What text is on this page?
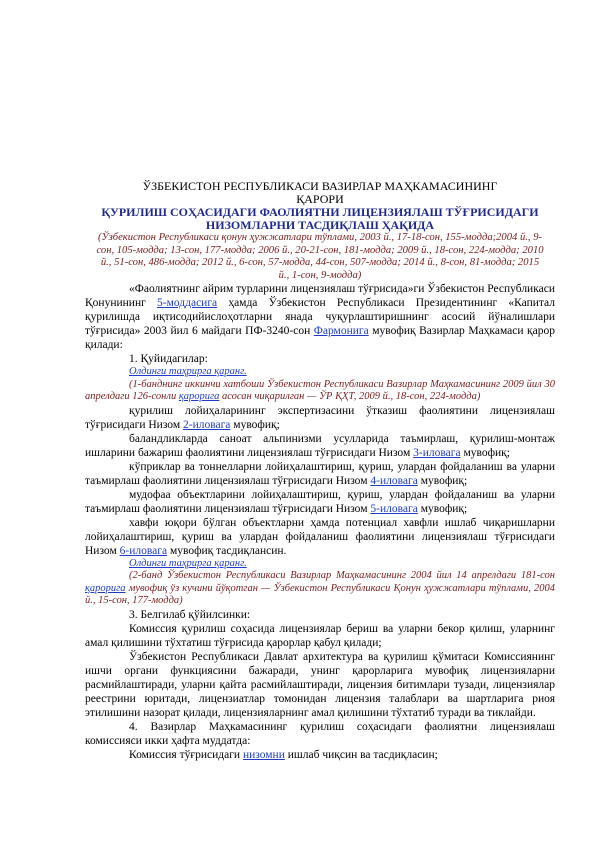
ЎЗБЕКИСТОН РЕСПУБЛИКАСИ ВАЗИРЛАР МАҲКАМАСИНИНГ

ҚАРОРИ

ҚУРИЛИШ СОҲАСИДАГИ ФАОЛИЯТНИ ЛИЦЕНЗИЯЛАШ ТЎҒРИСИДАГИ

НИЗОМЛАРНИ ТАСДИҚЛАШ ҲАҚИДА

(Ўзбекистон Республикаси қонун ҳужжатлари тўплами, 2003 й., 17-18-сон, 155-модда;2004 й., 9-

сон, 105-модда; 13-сон, 177-модда; 2006 й., 20-21-сон, 181-модда; 2009 й., 18-сон, 224-модда; 2010

й., 51-сон, 486-модда; 2012 й., 6-сон, 57-модда, 44-сон, 507-модда; 2014 й., 8-сон, 81-модда; 2015

й., 1-сон, 9-модда)

«Фаолиятнинг айрим турларини лицензиялаш тўғрисида»ги Ўзбекистон Республикаси Қонунининг 5-моддасига ҳамда Ўзбекистон Республикаси Президентининг «Капитал қурилишда иқтисодийислоҳотларни янада чуқурлаштиришнинг асосий йўналишлари тўғрисида» 2003 йил 6 майдаги ПФ-3240-сон Фармонига мувофиқ Вазирлар Маҳкамаси қарор қилади:

1. Қуйидагилар:

Олдинги таҳрирга қаранг.

(1-банднинг иккинчи хатбоши Ўзбекистон Республикаси Вазирлар Маҳкамасининг 2009 йил 30 апрелдаги 126-сонли қарорига асосан чиқарилган — ЎР ҚҲТ, 2009 й., 18-сон, 224-модда)

қурилиш лойиҳаларининг экспертизасини ўтказиш фаолиятини лицензиялаш тўғрисидаги Низом 2-иловага мувофиқ;

баландликларда саноат альпинизми усулларида таъмирлаш, қурилиш-монтаж ишларини бажариш фаолиятини лицензиялаш тўғрисидаги Низом 3-иловага мувофиқ;

кўприклар ва тоннелларни лойиҳалаштириш, қуриш, улардан фойдаланиш ва уларни таъмирлаш фаолиятини лицензиялаш тўғрисидаги Низом 4-иловага мувофиқ;

мудофаа объектларини лойиҳалаштириш, қуриш, улардан фойдаланиш ва уларни таъмирлаш фаолиятини лицензиялаш тўғрисидаги Низом 5-иловага мувофиқ;

хавфи юқори бўлган объектларни ҳамда потенциал хавфли ишлаб чиқаришларни лойиҳалаштириш, қуриш ва улардан фойдаланиш фаолиятини лицензиялаш тўғрисидаги Низом 6-иловага мувофиқ тасдиқлансин.

Олдинги таҳрирга қаранг.

(2-банд Ўзбекистон Республикаси Вазирлар Маҳкамасининг 2004 йил 14 апрелдаги 181-сон қарорига мувофиқ ўз кучини йўқотган — Ўзбекистон Республикаси Қонун ҳужжатлари тўплами, 2004 й., 15-сон, 177-модда)

3. Белгилаб қўйилсинки:

Комиссия қурилиш соҳасида лицензиялар бериш ва уларни бекор қилиш, уларнинг амал қилишини тўхтатиш тўғрисида қарорлар қабул қилади;

Ўзбекистон Республикаси Давлат архитектура ва қурилиш қўмитаси Комиссиянинг ишчи органи функциясини бажаради, унинг қарорларига мувофиқ лицензияларни расмийлаштиради, уларни қайта расмийлаштиради, лицензия битимлари тузади, лицензиялар реестрини юритади, лицензиатлар томонидан лицензия талаблари ва шартларига риоя этилишини назорат қилади, лицензияларнинг амал қилишини тўхтатиб туради ва тиклайди.

4. Вазирлар Маҳкамасининг қурилиш соҳасидаги фаолиятни лицензиялаш комиссияси икки ҳафта муддатда:

Комиссия тўғрисидаги низомни ишлаб чиқсин ва тасдиқласин;
